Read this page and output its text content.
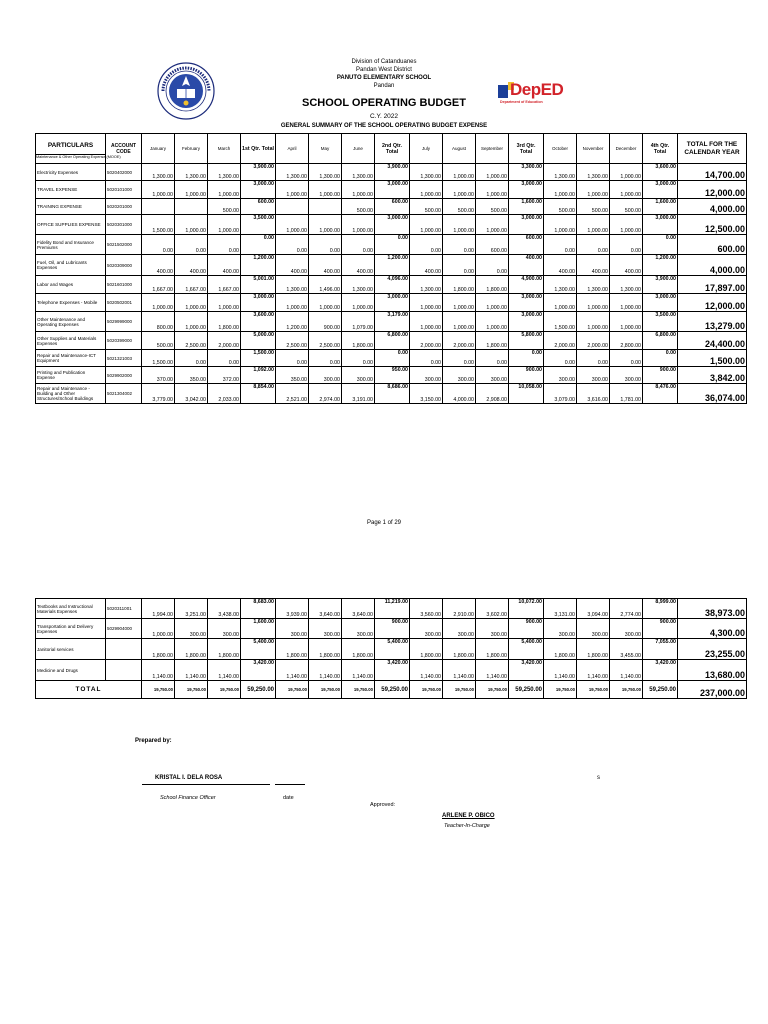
Division of Catanduanes
Pandan West District
PANUTO ELEMENTARY SCHOOL
Pandan
SCHOOL OPERATING BUDGET
C.Y. 2022
GENERAL SUMMARY OF THE SCHOOL OPERATING BUDGET EXPENSE
DepED
Department of Education
PARTICULARS
Maintenance & Other Operating Expense (MOOE)	ACCOUNT CODE	January	February	March	1st Qtr. Total	April	May	June	2nd Qtr. Total	July	August	September	3rd Qtr. Total	October	November	December	4th Qtr. Total	TOTAL FOR THE CALENDAR YEAR
Electricity Expenses	5020402000	1,300.00	1,300.00	1,300.00	3,900.00	1,300.00	1,300.00	1,300.00	3,900.00	1,300.00	1,000.00	1,000.00	3,300.00	1,300.00	1,300.00	1,000.00	3,600.00	14,700.00
TRAVEL EXPENSE	5020101000	1,000.00	1,000.00	1,000.00	3,000.00	1,000.00	1,000.00	1,000.00	3,000.00	1,000.00	1,000.00	1,000.00	3,000.00	1,000.00	1,000.00	1,000.00	3,000.00	12,000.00
TRAINING EXPENSE	5020201000			500.00	600.00			500.00	600.00	500.00	500.00	500.00	1,600.00	500.00	500.00	500.00	1,600.00	4,000.00
OFFICE SUPPLIES EXPENSE	5020301000	1,500.00	1,000.00	1,000.00	3,500.00	1,000.00	1,000.00	1,000.00	3,000.00	1,000.00	1,000.00	1,000.00	3,000.00	1,000.00	1,000.00	1,000.00	3,000.00	12,500.00
Fidelity Bond and Insurance Premiums	5021502000	0.00	0.00	0.00	0.00	0.00	0.00	0.00	0.00	0.00	0.00	600.00	600.00	0.00	0.00	0.00	0.00	600.00
Fuel, Oil, and Lubricants Expenses	5020309000	400.00	400.00	400.00	1,200.00	400.00	400.00	400.00	1,200.00	400.00	0.00	0.00	400.00	400.00	400.00	400.00	1,200.00	4,000.00
Labor and Wages	5021601000	1,667.00	1,667.00	1,667.00	5,001.00	1,300.00	1,496.00	1,300.00	4,096.00	1,300.00	1,800.00	1,800.00	4,900.00	1,300.00	1,300.00	1,300.00	3,900.00	17,897.00
Telephone Expenses - Mobile	5020502001	1,000.00	1,000.00	1,000.00	3,000.00	1,000.00	1,000.00	1,000.00	3,000.00	1,000.00	1,000.00	1,000.00	3,000.00	1,000.00	1,000.00	1,000.00	3,000.00	12,000.00
Other Maintenance and Operating Expenses	5029999000	800.00	1,000.00	1,800.00	3,600.00	1,200.00	900.00	1,079.00	3,179.00	1,000.00	1,000.00	1,000.00	3,000.00	1,500.00	1,000.00	1,000.00	3,500.00	13,279.00
Other Supplies and Materials Expenses	5020399000	500.00	2,500.00	2,000.00	5,000.00	2,500.00	2,500.00	1,800.00	6,800.00	2,000.00	2,000.00	1,800.00	5,800.00	2,000.00	2,000.00	2,800.00	6,800.00	24,400.00
Repair and Maintenance-ICT Equipment	5021321003	1,500.00	0.00	0.00	1,500.00	0.00	0.00	0.00	0.00	0.00	0.00	0.00	0.00	0.00	0.00	0.00	0.00	1,500.00
Printing and Publication Expense	5029902000	370.00	350.00	372.00	1,092.00	350.00	300.00	300.00	950.00	300.00	300.00	300.00	900.00	300.00	300.00	300.00	900.00	3,842.00
Repair and Maintenance - Building and Other Structures/School Buildings	5021304002	3,779.00	3,042.00	2,033.00	8,854.00	2,521.00	2,974.00	3,191.00	8,686.00	3,150.00	4,000.00	2,908.00	10,058.00	3,079.00	3,616.00	1,781.00	8,476.00	36,074.00
Page 1 of 29
Textbooks and Instructional Materials Expenses	5020311001	1,994.00	3,251.00	3,438.00	8,683.00	3,939.00	3,640.00	3,640.00	11,219.00	3,560.00	2,910.00	3,602.00	10,072.00	3,131.00	3,094.00	2,774.00	8,999.00	38,973.00
Transportation and Delivery Expenses	5029904000	1,000.00	300.00	300.00	1,600.00	300.00	300.00	300.00	900.00	300.00	300.00	300.00	900.00	300.00	300.00	300.00	900.00	4,300.00
Janitorial services		1,800.00	1,800.00	1,800.00	5,400.00	1,800.00	1,800.00	1,800.00	5,400.00	1,800.00	1,800.00	1,800.00	5,400.00	1,800.00	1,800.00	3,455.00	7,055.00	23,255.00
Medicine and Drugs		1,140.00	1,140.00	1,140.00	3,420.00	1,140.00	1,140.00	1,140.00	3,420.00	1,140.00	1,140.00	1,140.00	3,420.00	1,140.00	1,140.00	1,140.00	3,420.00	13,680.00
TOTAL		19,750.00	19,750.00	19,750.00	59,250.00	19,750.00	19,750.00	19,750.00	59,250.00	19,750.00	19,750.00	19,750.00	59,250.00	19,750.00	19,750.00	19,750.00	59,250.00	237,000.00
Prepared by:
KRISTAL I. DELA ROSA
School Finance Officer	date
s
Approved:
ARLENE P. OBICO
Teacher-In-Charge
